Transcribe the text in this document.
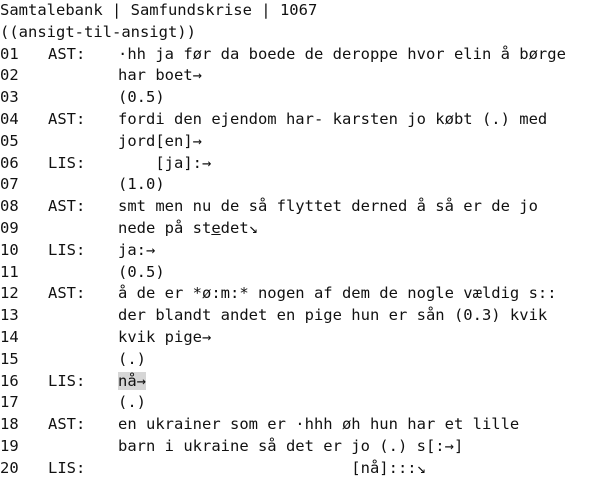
Samtalebank | Samfundskrise | 1067
((ansigt-til-ansigt))
01 AST: ·hh ja før da boede de deroppe hvor elin å børge
02	har boet→
03	(0.5)
04 AST: fordi den ejendom har- karsten jo købt (.) med
05	jord[en]→
06 LIS: [ja]:→
07	(1.0)
08 AST: smt men nu de så flyttet derned å så er de jo
09	nede på stedet↘
10 LIS: ja:→
11	(0.5)
12 AST: å de er *ø:m:* nogen af dem de nogle vældig s::
13	der blandt andet en pige hun er sån (0.3) kvik
14	kvik pige→
15	(.)
16 LIS: nå→
17	(.)
18 AST: en ukrainer som er ·hhh øh hun har et lille
19	barn i ukraine så det er jo (.) s[:→]
20 LIS: [nå]:::↘
